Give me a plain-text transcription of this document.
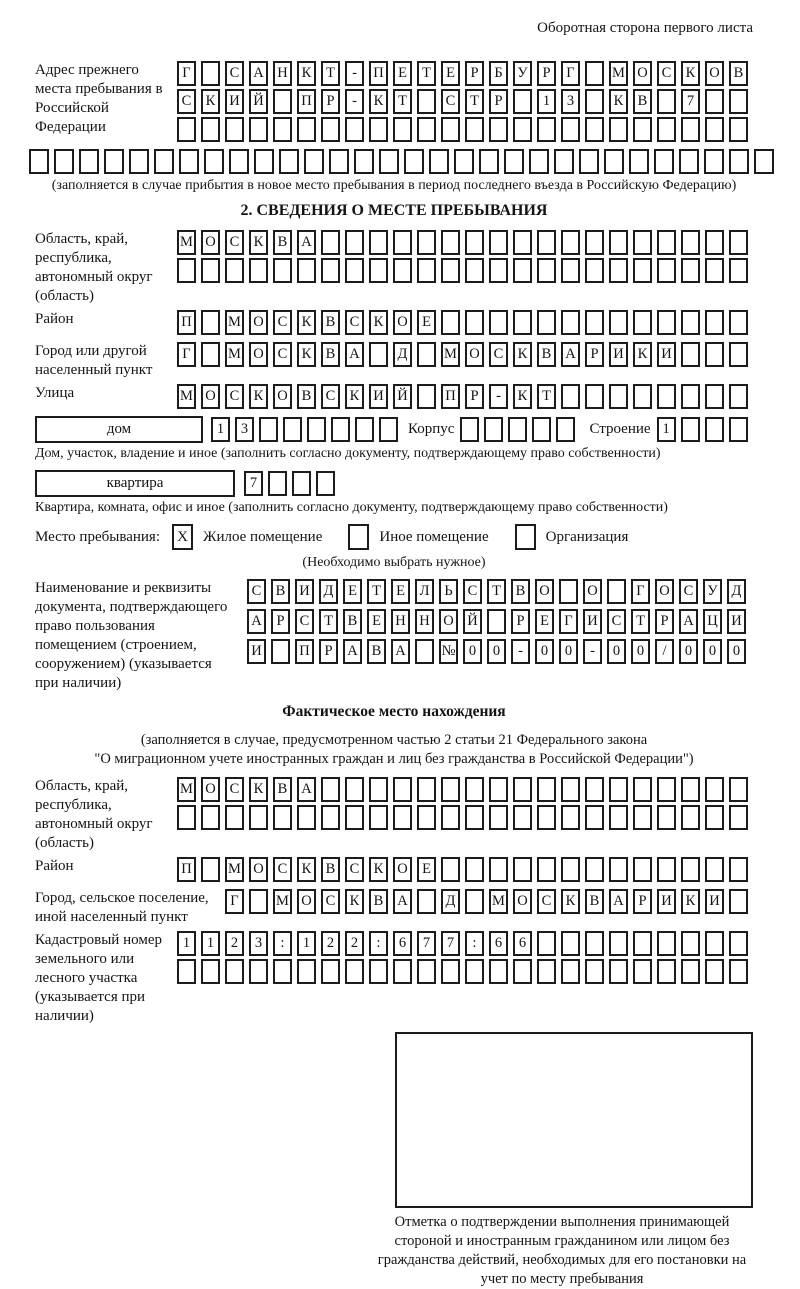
Оборотная сторона первого листа
Адрес прежнего места пребывания в Российской Федерации
Г	С А Н К	Т	-	П Е	Т	Е	Р	Б	У	Р	Г	М О С К О В
С К И Й	П	Р	-	К	Т	С	Т	Р	1	3	К В	7
(заполняется в случае прибытия в новое место пребывания в период последнего въезда в Российскую Федерацию)
2. СВЕДЕНИЯ О МЕСТЕ ПРЕБЫВАНИЯ
Область, край, республика, автономный округ (область)
М О С К В А
Район	П	М О С К В С К О Е
Город или другой населенный пункт
Г	М О С К В А	Д	М О С К В А	Р	И К И
Улица	М О С К О В С К И Й	П	Р	-	К	Т
дом	1	3	Корпус	Строение 1
Дом, участок, владение и иное (заполнить согласно документу, подтверждающему право собственности)
квартира	7
Квартира, комната, офис и иное (заполнить согласно документу, подтверждающему право собственности)
Место пребывания:	X	Жилое помещение	Иное помещение	Организация
(Необходимо выбрать нужное)
Наименование и реквизиты документа, подтверждающего право пользования помещением (строением, сооружением) (указывается при наличии)
С В И Д	Е	Т	Е	Л	Ь	С	Т	В О	О	Г	О С У Д
А	Р	С	Т	В	Е Н Н О Й	Р	Е	Г	И С	Т	Р	А Ц И
И	П	Р	А В А № 0	0	-	0	0	-	0	0	/	0	0	0
Фактическое место нахождения
(заполняется в случае, предусмотренном частью 2 статьи 21 Федерального закона
"О миграционном учете иностранных граждан и лиц без гражданства в Российской Федерации")
Область, край, республика, автономный округ (область)
М О С К В А
Район	П	М О С К В С К О Е
Город, сельское поселение, иной населенный пункт
Г	М О С К В А	Д	М О С К В А	Р	И К И
Кадастровый номер земельного или лесного участка (указывается при наличии)
1	1	2	3	:	1	2	2	:	6	7	7	:	6	6
Отметка о подтверждении выполнения принимающей стороной и иностранным гражданином или лицом без гражданства действий, необходимых для его постановки на учет по месту пребывания
